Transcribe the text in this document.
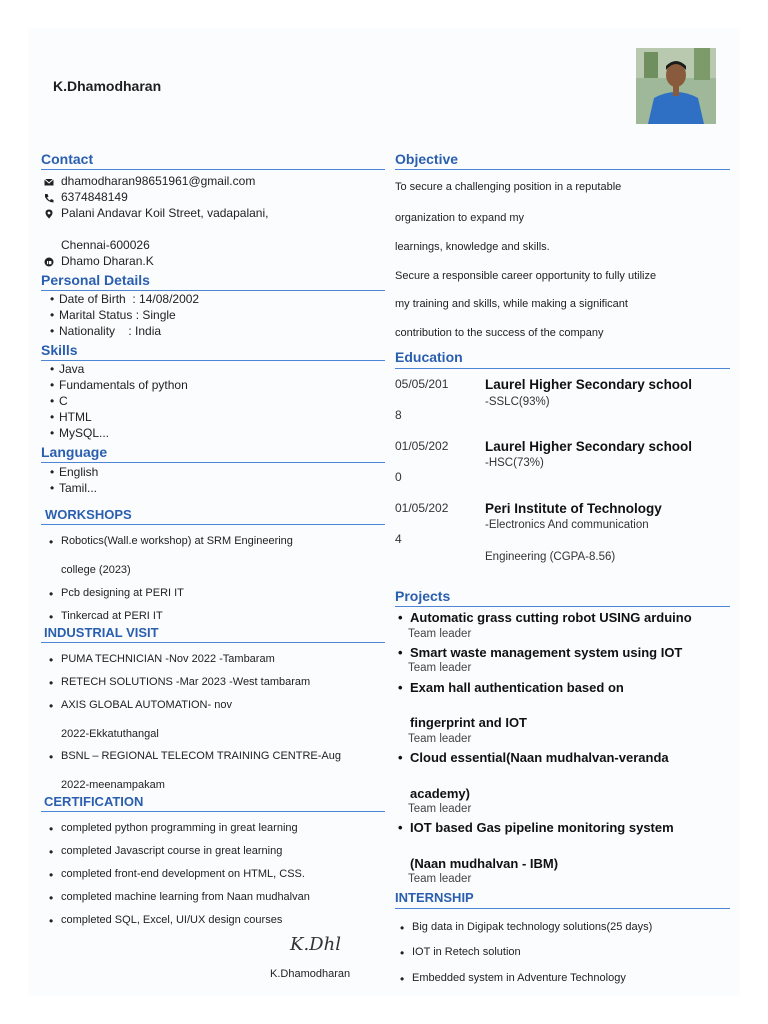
K.Dhamodharan
Contact
dhamodharan98651961@gmail.com
6374848149
Palani Andavar Koil Street, vadapalani,
Chennai-600026
Dhamo Dharan.K
Personal Details
• Date of Birth  : 14/08/2002
• Marital Status : Single
• Nationality    : India
Skills
• Java
• Fundamentals of python
• C
• HTML
• MySQL...
Language
• English
• Tamil...
WORKSHOPS
• Robotics(Wall.e workshop) at SRM Engineering
college (2023)
• Pcb designing at PERI IT
• Tinkercad at PERI IT
INDUSTRIAL VISIT
• PUMA TECHNICIAN -Nov 2022 -Tambaram
• RETECH SOLUTIONS -Mar 2023 -West tambaram
• AXIS GLOBAL AUTOMATION- nov
2022-Ekkatuthangal
• BSNL – REGIONAL TELECOM TRAINING CENTRE-Aug
2022-meenampakam
CERTIFICATION
• completed python programming in great learning
• completed Javascript course in great learning
• completed front-end development on HTML, CSS.
• completed machine learning from Naan mudhalvan
• completed SQL, Excel, UI/UX design courses
K.Dhl
K.Dhamodharan
Objective
To secure a challenging position in a reputable
organization to expand my
learnings, knowledge and skills.
Secure a responsible career opportunity to fully utilize
my training and skills, while making a significant
contribution to the success of the company
Education
05/05/201
8
Laurel Higher Secondary school
-SSLC(93%)
01/05/202
0
Laurel Higher Secondary school
-HSC(73%)
01/05/202
4
Peri Institute of Technology
-Electronics And communication
Engineering (CGPA-8.56)
Projects
• Automatic grass cutting robot USING arduino
Team leader
• Smart waste management system using IOT
Team leader
• Exam hall authentication based on
fingerprint and IOT
Team leader
• Cloud essential(Naan mudhalvan-veranda
academy)
Team leader
• IOT based Gas pipeline monitoring system
(Naan mudhalvan - IBM)
Team leader
INTERNSHIP
• Big data in Digipak technology solutions(25 days)
• IOT in Retech solution
• Embedded system in Adventure Technology
